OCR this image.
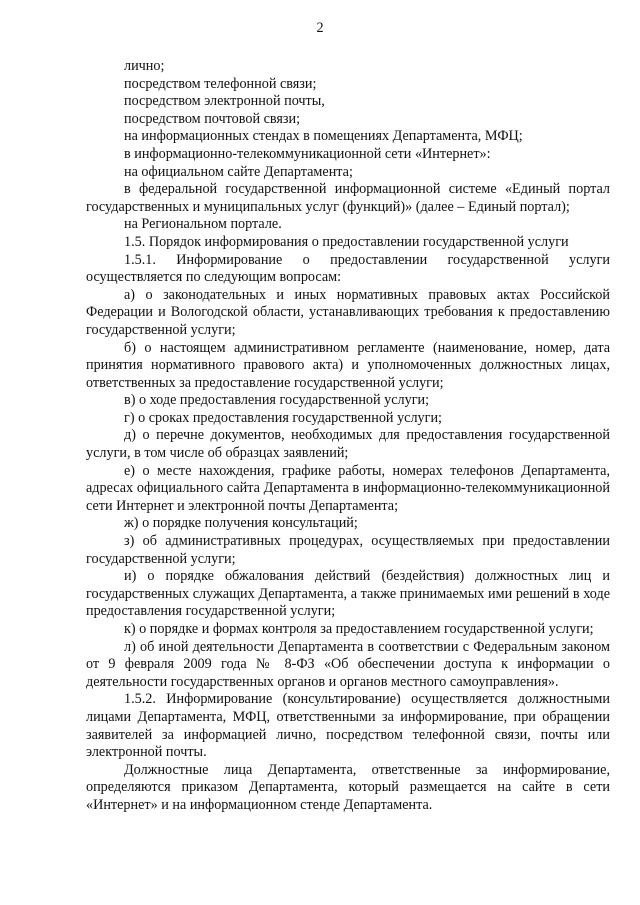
2
лично;
посредством телефонной связи;
посредством электронной почты,
посредством почтовой связи;
на информационных стендах в помещениях Департамента, МФЦ;
в информационно-телекоммуникационной сети «Интернет»:
на официальном сайте Департамента;

в федеральной государственной информационной системе «Единый портал государственных и муниципальных услуг (функций)» (далее – Единый портал);

на Региональном портале.
1.5. Порядок информирования о предоставлении государственной услуги

1.5.1. Информирование о предоставлении государственной услуги осуществляется по следующим вопросам:

а) о законодательных и иных нормативных правовых актах Российской Федерации и Вологодской области, устанавливающих требования к предоставлению государственной услуги;

б) о настоящем административном регламенте (наименование, номер, дата принятия нормативного правового акта) и уполномоченных должностных лицах, ответственных за предоставление государственной услуги;

в) о ходе предоставления государственной услуги;

г) о сроках предоставления государственной услуги;

д) о перечне документов, необходимых для предоставления государственной услуги, в том числе об образцах заявлений;

е) о месте нахождения, графике работы, номерах телефонов Департамента, адресах официального сайта Департамента в информационно-телекоммуникационной сети Интернет и электронной почты Департамента;

ж) о порядке получения консультаций;

з) об административных процедурах, осуществляемых при предоставлении государственной услуги;

и) о порядке обжалования действий (бездействия) должностных лиц и государственных служащих Департамента, а также принимаемых ими решений в ходе предоставления государственной услуги;

к) о порядке и формах контроля за предоставлением государственной услуги;

л) об иной деятельности Департамента в соответствии с Федеральным законом от 9 февраля 2009 года № 8-ФЗ «Об обеспечении доступа к информации о деятельности государственных органов и органов местного самоуправления».

1.5.2. Информирование (консультирование) осуществляется должностными лицами Департамента, МФЦ, ответственными за информирование, при обращении заявителей за информацией лично, посредством телефонной связи, почты или электронной почты.

Должностные лица Департамента, ответственные за информирование, определяются приказом Департамента, который размещается на сайте в сети «Интернет» и на информационном стенде Департамента.
